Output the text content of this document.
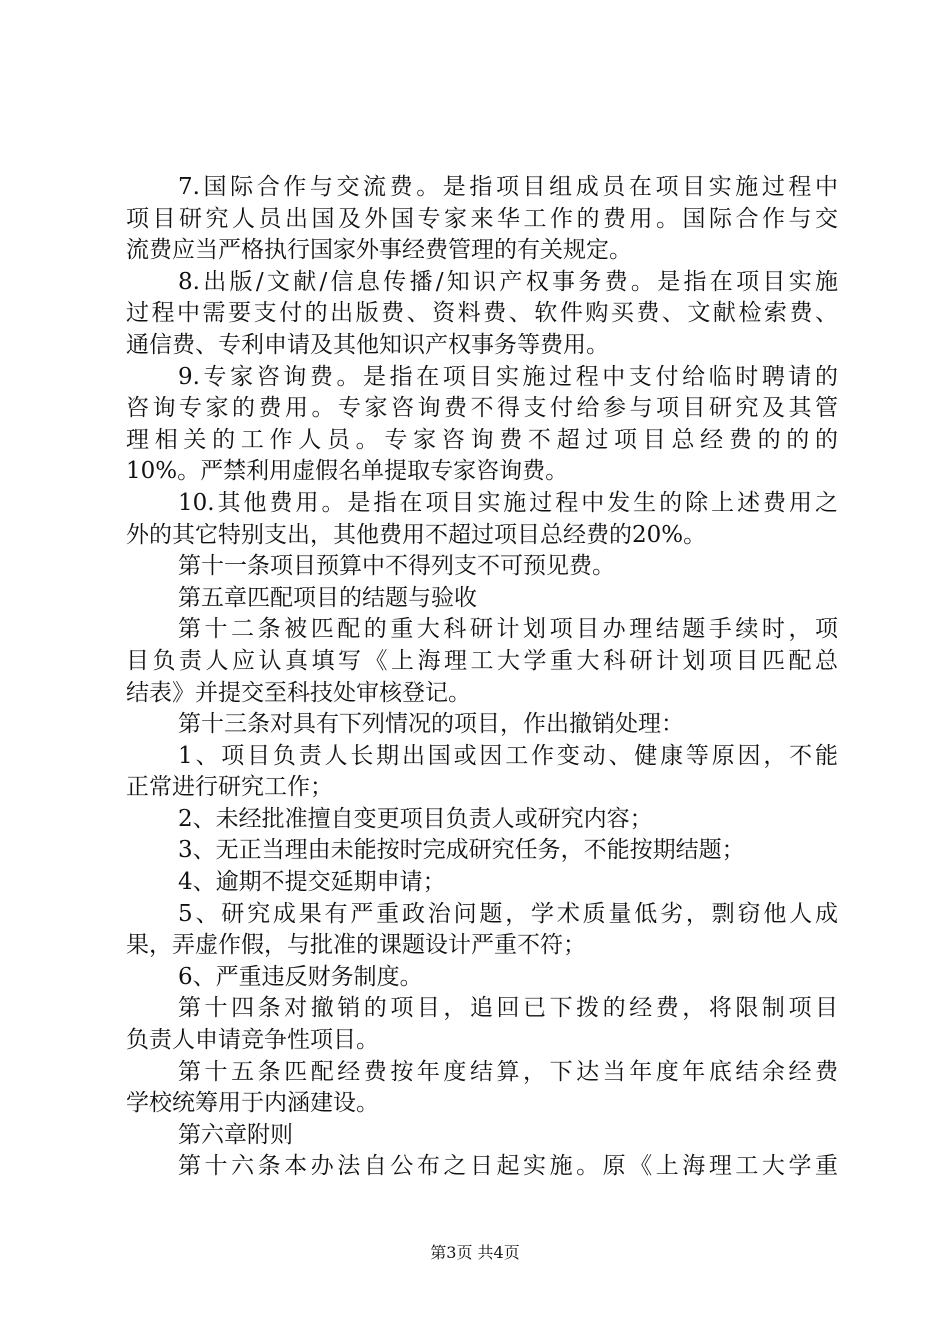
7.国际合作与交流费。是指项目组成员在项目实施过程中
项目研究人员出国及外国专家来华工作的费用。国际合作与交
流费应当严格执行国家外事经费管理的有关规定。
8.出版/文献/信息传播/知识产权事务费。是指在项目实施
过程中需要支付的出版费、资料费、软件购买费、文献检索费、
通信费、专利申请及其他知识产权事务等费用。
9.专家咨询费。是指在项目实施过程中支付给临时聘请的
咨询专家的费用。专家咨询费不得支付给参与项目研究及其管
理相关的工作人员。专家咨询费不超过项目总经费的的的
10%。严禁利用虚假名单提取专家咨询费。
10.其他费用。是指在项目实施过程中发生的除上述费用之
外的其它特别支出，其他费用不超过项目总经费的20%。
第十一条项目预算中不得列支不可预见费。
第五章匹配项目的结题与验收
第十二条被匹配的重大科研计划项目办理结题手续时，项
目负责人应认真填写《上海理工大学重大科研计划项目匹配总
结表》并提交至科技处审核登记。
第十三条对具有下列情况的项目，作出撤销处理：
1、项目负责人长期出国或因工作变动、健康等原因，不能
正常进行研究工作；
2、未经批准擅自变更项目负责人或研究内容；
3、无正当理由未能按时完成研究任务，不能按期结题；
4、逾期不提交延期申请；
5、研究成果有严重政治问题，学术质量低劣，剽窃他人成
果，弄虚作假，与批准的课题设计严重不符；
6、严重违反财务制度。
第十四条对撤销的项目，追回已下拨的经费，将限制项目
负责人申请竞争性项目。
第十五条匹配经费按年度结算，下达当年度年底结余经费
学校统筹用于内涵建设。
第六章附则
第十六条本办法自公布之日起实施。原《上海理工大学重
第3页 共4页
